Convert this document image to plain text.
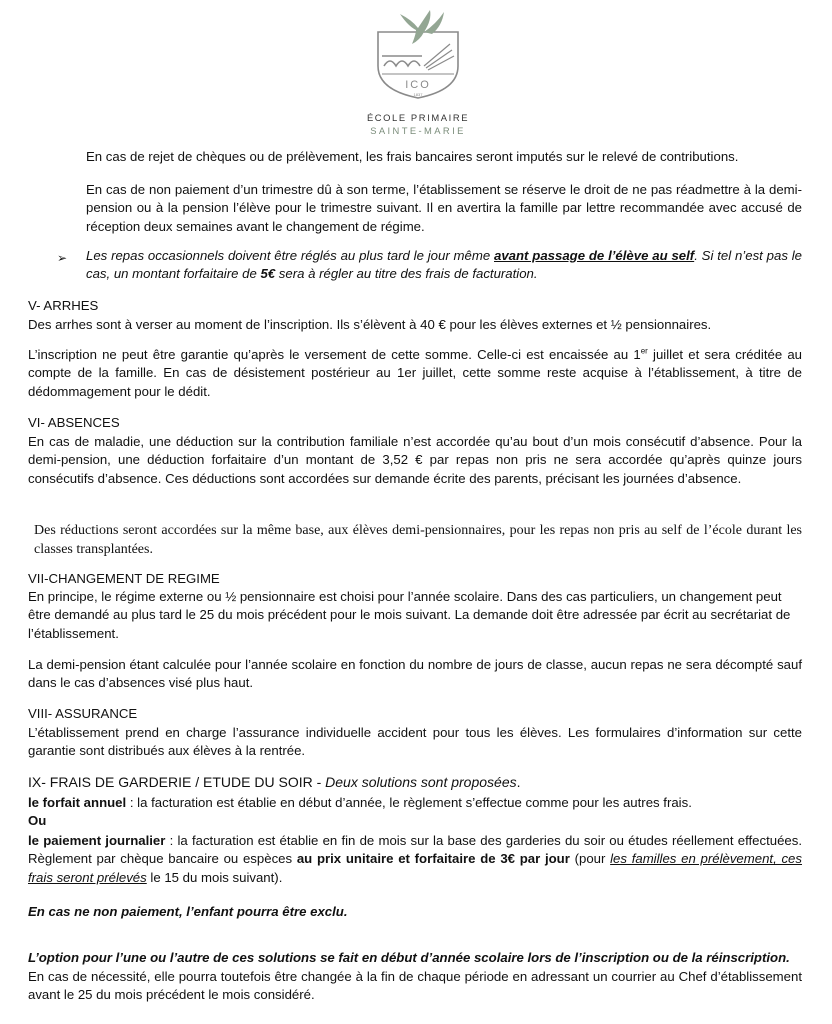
ICO
1837
ÉCOLE PRIMAIRE
SAINTE-MARIE
En cas de rejet de chèques ou de prélèvement, les frais bancaires seront imputés sur le relevé de contributions.
En cas de non paiement d’un trimestre dû à son terme, l’établissement se réserve le droit de ne pas réadmettre à la demi-pension ou à la pension l’élève pour le trimestre suivant. Il en avertira la famille par lettre recommandée avec accusé de réception deux semaines avant le changement de régime.
➢ Les repas occasionnels doivent être réglés au plus tard le jour même avant passage de l’élève au self. Si tel n’est pas le cas, un montant forfaitaire de 5€ sera à régler au titre des frais de facturation.
V- ARRHES
Des arrhes sont à verser au moment de l’inscription. Ils s’élèvent à 40 € pour les élèves externes et ½ pensionnaires.
L’inscription ne peut être garantie qu’après le versement de cette somme. Celle-ci est encaissée au 1er juillet et sera créditée au compte de la famille. En cas de désistement postérieur au 1er juillet, cette somme reste acquise à l’établissement, à titre de dédommagement pour le dédit.
VI- ABSENCES
En cas de maladie, une déduction sur la contribution familiale n’est accordée qu’au bout d’un mois consécutif d’absence. Pour la demi-pension, une déduction forfaitaire d’un montant de 3,52 € par repas non pris ne sera accordée qu’après quinze jours consécutifs d’absence. Ces déductions sont accordées sur demande écrite des parents, précisant les journées d’absence.
Des réductions seront accordées sur la même base, aux élèves demi-pensionnaires, pour les repas non pris au self de l’école durant les classes transplantées.
VII-CHANGEMENT DE REGIME
En principe, le régime externe ou ½ pensionnaire est choisi pour l’année scolaire. Dans des cas particuliers, un changement peut être demandé au plus tard le 25 du mois précédent pour le mois suivant. La demande doit être adressée par écrit au secrétariat de l’établissement.
La demi-pension étant calculée pour l’année scolaire en fonction du nombre de jours de classe, aucun repas ne sera décompté sauf dans le cas d’absences visé plus haut.
VIII- ASSURANCE
L’établissement prend en charge l’assurance individuelle accident pour tous les élèves. Les formulaires d’information sur cette garantie sont distribués aux élèves à la rentrée.
IX- FRAIS DE GARDERIE / ETUDE DU SOIR - Deux solutions sont proposées.
le forfait annuel : la facturation est établie en début d’année, le règlement s’effectue comme pour les autres frais.
Ou
le paiement journalier : la facturation est établie en fin de mois sur la base des garderies du soir ou études réellement effectuées. Règlement par chèque bancaire ou espèces au prix unitaire et forfaitaire de 3€ par jour (pour les familles en prélèvement, ces frais seront prélevés le 15 du mois suivant).
En cas ne non paiement, l’enfant pourra être exclu.
L’option pour l’une ou l’autre de ces solutions se fait en début d’année scolaire lors de l’inscription ou de la réinscription.
En cas de nécessité, elle pourra toutefois être changée à la fin de chaque période en adressant un courrier au Chef d’établissement avant le 25 du mois précédent le mois considéré.
